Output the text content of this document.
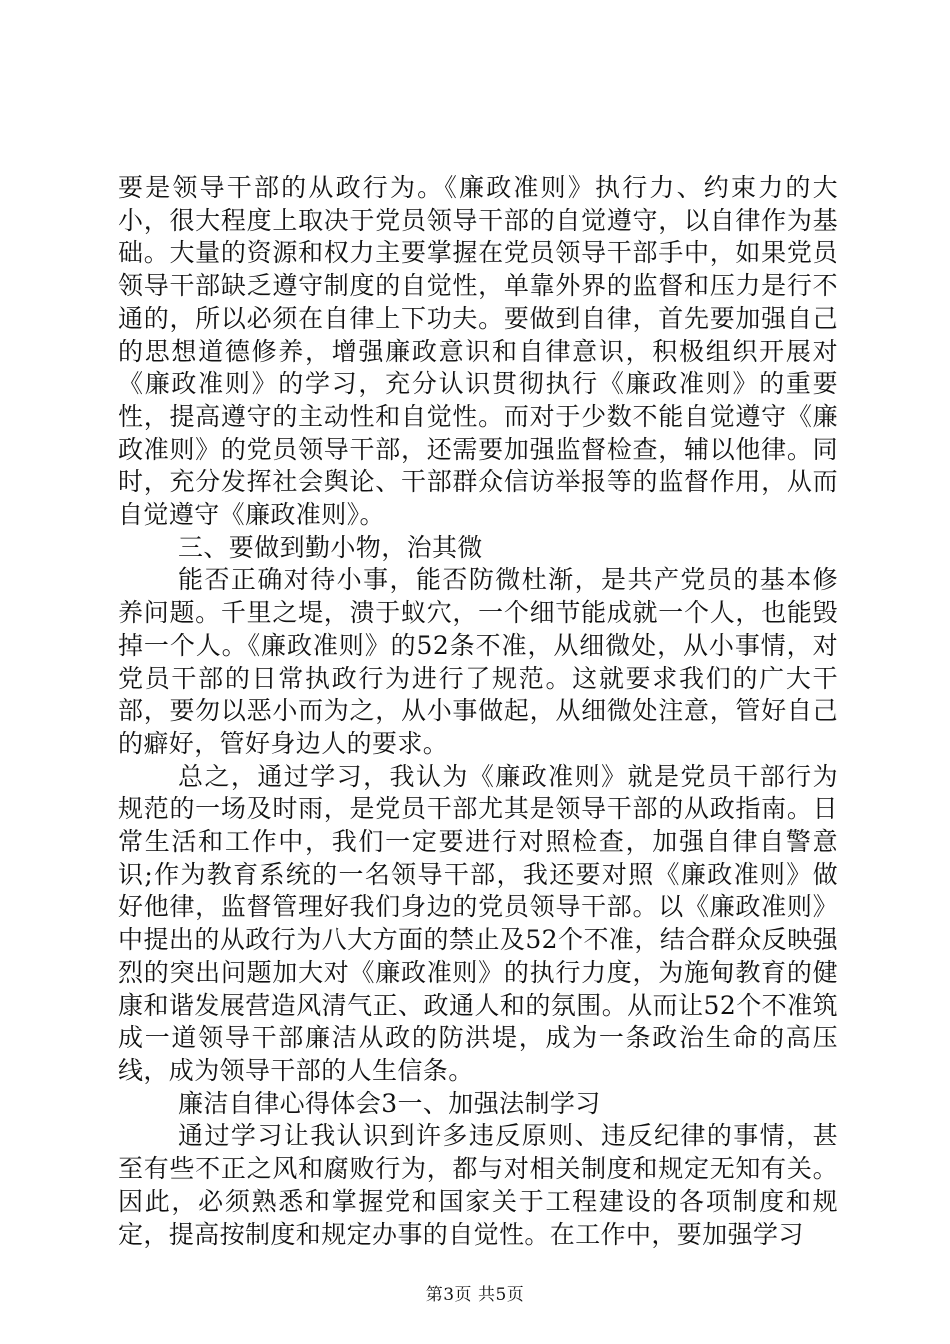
要是领导干部的从政行为。《廉政准则》执行力、约束力的大小，很大程度上取决于党员领导干部的自觉遵守，以自律作为基础。大量的资源和权力主要掌握在党员领导干部手中，如果党员领导干部缺乏遵守制度的自觉性，单靠外界的监督和压力是行不通的，所以必须在自律上下功夫。要做到自律，首先要加强自己的思想道德修养，增强廉政意识和自律意识，积极组织开展对《廉政准则》的学习，充分认识贯彻执行《廉政准则》的重要性，提高遵守的主动性和自觉性。而对于少数不能自觉遵守《廉政准则》的党员领导干部，还需要加强监督检查，辅以他律。同时，充分发挥社会舆论、干部群众信访举报等的监督作用，从而自觉遵守《廉政准则》。

三、要做到勤小物，治其微

能否正确对待小事，能否防微杜渐，是共产党员的基本修养问题。千里之堤，溃于蚁穴，一个细节能成就一个人，也能毁掉一个人。《廉政准则》的52条不准，从细微处，从小事情，对党员干部的日常执政行为进行了规范。这就要求我们的广大干部，要勿以恶小而为之，从小事做起，从细微处注意，管好自己的癖好，管好身边人的要求。

总之，通过学习，我认为《廉政准则》就是党员干部行为规范的一场及时雨，是党员干部尤其是领导干部的从政指南。日常生活和工作中，我们一定要进行对照检查，加强自律自警意识;作为教育系统的一名领导干部，我还要对照《廉政准则》做好他律，监督管理好我们身边的党员领导干部。以《廉政准则》中提出的从政行为八大方面的禁止及52个不准，结合群众反映强烈的突出问题加大对《廉政准则》的执行力度，为施甸教育的健康和谐发展营造风清气正、政通人和的氛围。从而让52个不准筑成一道领导干部廉洁从政的防洪堤，成为一条政治生命的高压线，成为领导干部的人生信条。

廉洁自律心得体会3一、加强法制学习

通过学习让我认识到许多违反原则、违反纪律的事情，甚至有些不正之风和腐败行为，都与对相关制度和规定无知有关。因此，必须熟悉和掌握党和国家关于工程建设的各项制度和规定，提高按制度和规定办事的自觉性。在工作中，要加强学习

第3页 共5页
